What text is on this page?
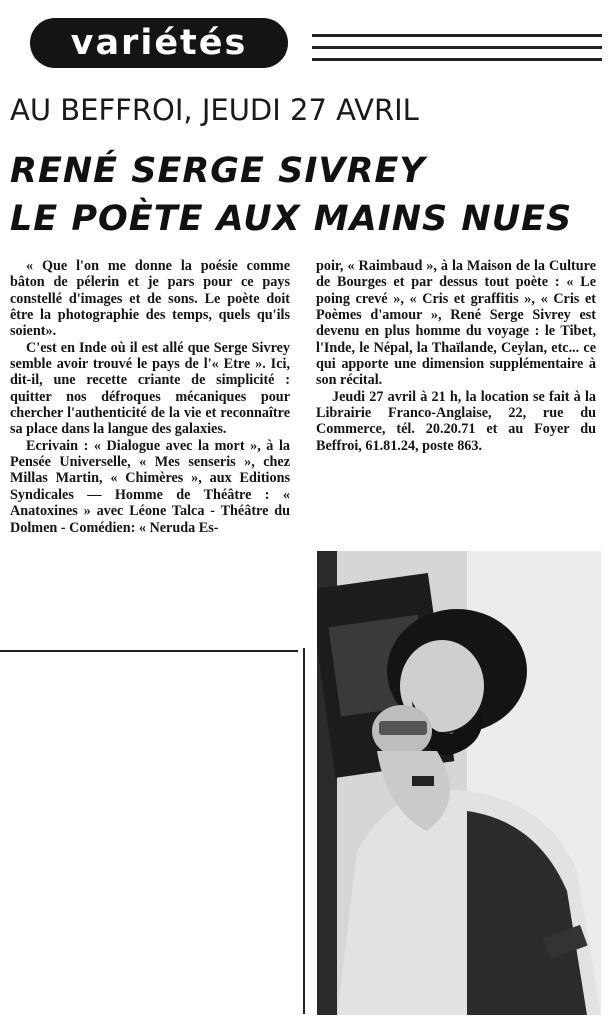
variétés
AU BEFFROI, JEUDI 27 AVRIL
RENÉ SERGE SIVREY
LE POÈTE AUX MAINS NUES

« Que l'on me donne la poésie comme bâton de pélerin et je pars pour ce pays constellé d'images et de sons. Le poète doit être la photographie des temps, quels qu'ils soient».

C'est en Inde où il est allé que Serge Sivrey semble avoir trouvé le pays de l'« Etre ». Ici, dit-il, une recette criante de simplicité : quitter nos défroques mécaniques pour chercher l'authenticité de la vie et reconnaître sa place dans la langue des galaxies.

Ecrivain : « Dialogue avec la mort », à la Pensée Universelle, « Mes senseris », chez Millas Martin, « Chimères », aux Editions Syndicales — Homme de Théâtre : « Anatoxines » avec Léone Talca - Théâtre du Dolmen - Comédien: « Neruda Es-

poir, « Raimbaud », à la Maison de la Culture de Bourges et par dessus tout poète : « Le poing crevé », « Cris et graffitis », « Cris et Poèmes d'amour », René Serge Sivrey est devenu en plus homme du voyage : le Tibet, l'Inde, le Népal, la Thaïlande, Ceylan, etc... ce qui apporte une dimension supplémentaire à son récital.

Jeudi 27 avril à 21 h, la location se fait à la Librairie Franco-Anglaise, 22, rue du Commerce, tél. 20.20.71 et au Foyer du Beffroi, 61.81.24, poste 863.
